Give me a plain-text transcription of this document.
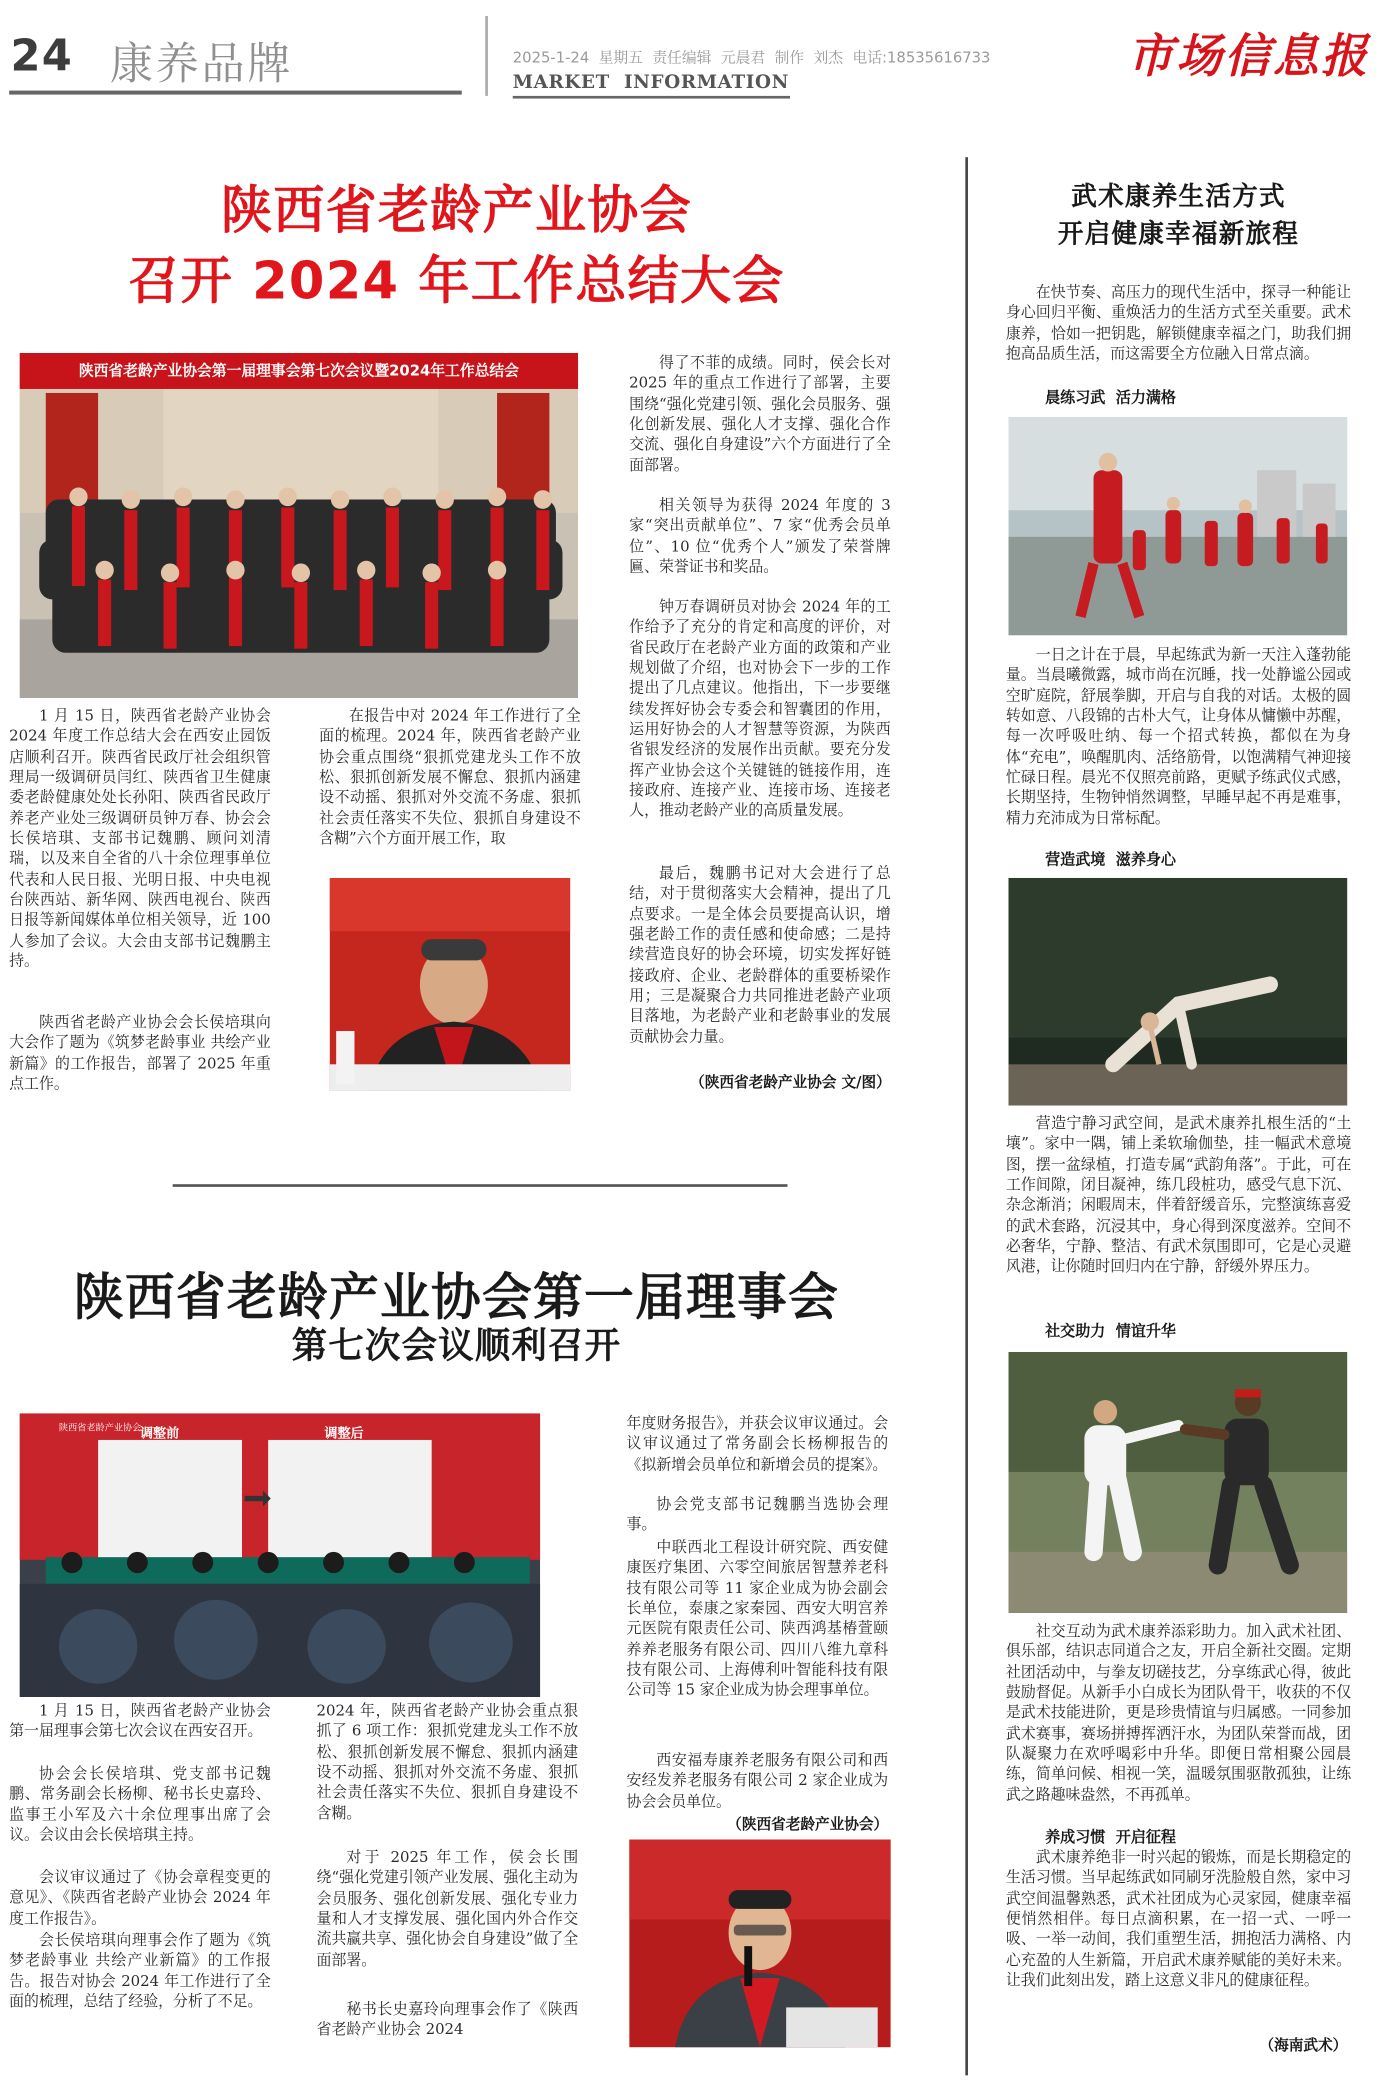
24 康养品牌	2025-1-24  星期五  责任编辑  元晨君  制作  刘杰  电话:18535616733
MARKET  INFORMATION	市场信息报
陕西省老龄产业协会
召开 2024 年工作总结大会
陕西省老龄产业协会第一届理事会第七次会议暨2024年工作总结会
1 月 15 日，陕西省老龄产业协会 2024 年度工作总结大会在西安止园饭店顺利召开。陕西省民政厅社会组织管理局一级调研员闫红、陕西省卫生健康委老龄健康处处长孙阳、陕西省民政厅养老产业处三级调研员钟万春、协会会长侯培琪、支部书记魏鹏、顾问刘清瑞，以及来自全省的八十余位理事单位代表和人民日报、光明日报、中央电视台陕西站、新华网、陕西电视台、陕西日报等新闻媒体单位相关领导，近 100 人参加了会议。大会由支部书记魏鹏主持。
陕西省老龄产业协会会长侯培琪向大会作了题为《筑梦老龄事业 共绘产业新篇》的工作报告，部署了 2025 年重点工作。
在报告中对 2024 年工作进行了全面的梳理。2024 年，陕西省老龄产业协会重点围绕“狠抓党建龙头工作不放松、狠抓创新发展不懈怠、狠抓内涵建设不动摇、狠抓对外交流不务虚、狠抓社会责任落实不失位、狠抓自身建设不含糊”六个方面开展工作，取
得了不菲的成绩。同时，侯会长对 2025 年的重点工作进行了部署，主要围绕“强化党建引领、强化会员服务、强化创新发展、强化人才支撑、强化合作交流、强化自身建设”六个方面进行了全面部署。
相关领导为获得 2024 年度的 3 家“突出贡献单位”、7 家“优秀会员单位”、10 位“优秀个人”颁发了荣誉牌匾、荣誉证书和奖品。
钟万春调研员对协会 2024 年的工作给予了充分的肯定和高度的评价，对省民政厅在老龄产业方面的政策和产业规划做了介绍，也对协会下一步的工作提出了几点建议。他指出，下一步要继续发挥好协会专委会和智囊团的作用，运用好协会的人才智慧等资源，为陕西省银发经济的发展作出贡献。要充分发挥产业协会这个关键链的链接作用，连接政府、连接产业、连接市场、连接老人，推动老龄产业的高质量发展。
最后，魏鹏书记对大会进行了总结，对于贯彻落实大会精神，提出了几点要求。一是全体会员要提高认识，增强老龄工作的责任感和使命感；二是持续营造良好的协会环境，切实发挥好链接政府、企业、老龄群体的重要桥梁作用；三是凝聚合力共同推进老龄产业项目落地，为老龄产业和老龄事业的发展贡献协会力量。
（陕西省老龄产业协会 文/图）
陕西省老龄产业协会第一届理事会
第七次会议顺利召开
陕西省老龄产业协会
调整前	调整后
1 月 15 日，陕西省老龄产业协会第一届理事会第七次会议在西安召开。
协会会长侯培琪、党支部书记魏鹏、常务副会长杨柳、秘书长史嘉玲、监事王小军及六十余位理事出席了会议。会议由会长侯培琪主持。
会议审议通过了《协会章程变更的意见》、《陕西省老龄产业协会 2024 年度工作报告》。
会长侯培琪向理事会作了题为《筑梦老龄事业 共绘产业新篇》的工作报告。报告对协会 2024 年工作进行了全面的梳理，总结了经验，分析了不足。
2024 年，陕西省老龄产业协会重点狠抓了 6 项工作：狠抓党建龙头工作不放松、狠抓创新发展不懈怠、狠抓内涵建设不动摇、狠抓对外交流不务虚、狠抓社会责任落实不失位、狠抓自身建设不含糊。
对于 2025 年工作，侯会长围绕“强化党建引领产业发展、强化主动为会员服务、强化创新发展、强化专业力量和人才支撑发展、强化国内外合作交流共赢共享、强化协会自身建设”做了全面部署。
秘书长史嘉玲向理事会作了《陕西省老龄产业协会 2024
年度财务报告》，并获会议审议通过。会议审议通过了常务副会长杨柳报告的《拟新增会员单位和新增会员的提案》。
协会党支部书记魏鹏当选协会理事。
中联西北工程设计研究院、西安健康医疗集团、六零空间旅居智慧养老科技有限公司等 11 家企业成为协会副会长单位，泰康之家秦园、西安大明宫养元医院有限责任公司、陕西鸿基椿萱颐养养老服务有限公司、四川八维九章科技有限公司、上海傅利叶智能科技有限公司等 15 家企业成为协会理事单位。
西安福寿康养老服务有限公司和西安经发养老服务有限公司 2 家企业成为协会会员单位。
（陕西省老龄产业协会）
武术康养生活方式
开启健康幸福新旅程
在快节奏、高压力的现代生活中，探寻一种能让身心回归平衡、重焕活力的生活方式至关重要。武术康养，恰如一把钥匙，解锁健康幸福之门，助我们拥抱高品质生活，而这需要全方位融入日常点滴。
晨练习武  活力满格
一日之计在于晨，早起练武为新一天注入蓬勃能量。当晨曦微露，城市尚在沉睡，找一处静谧公园或空旷庭院，舒展拳脚，开启与自我的对话。太极的圆转如意、八段锦的古朴大气，让身体从慵懒中苏醒，每一次呼吸吐纳、每一个招式转换，都似在为身体“充电”，唤醒肌肉、活络筋骨，以饱满精气神迎接忙碌日程。晨光不仅照亮前路，更赋予练武仪式感，长期坚持，生物钟悄然调整，早睡早起不再是难事，精力充沛成为日常标配。
营造武境  滋养身心
营造宁静习武空间，是武术康养扎根生活的“土壤”。家中一隅，铺上柔软瑜伽垫，挂一幅武术意境图，摆一盆绿植，打造专属“武韵角落”。于此，可在工作间隙，闭目凝神，练几段桩功，感受气息下沉、杂念渐消；闲暇周末，伴着舒缓音乐，完整演练喜爱的武术套路，沉浸其中，身心得到深度滋养。空间不必奢华，宁静、整洁、有武术氛围即可，它是心灵避风港，让你随时回归内在宁静，舒缓外界压力。
社交助力  情谊升华
社交互动为武术康养添彩助力。加入武术社团、俱乐部，结识志同道合之友，开启全新社交圈。定期社团活动中，与拳友切磋技艺，分享练武心得，彼此鼓励督促。从新手小白成长为团队骨干，收获的不仅是武术技能进阶，更是珍贵情谊与归属感。一同参加武术赛事，赛场拼搏挥洒汗水，为团队荣誉而战，团队凝聚力在欢呼喝彩中升华。即便日常相聚公园晨练，简单问候、相视一笑，温暖氛围驱散孤独，让练武之路趣味盎然，不再孤单。
养成习惯  开启征程
武术康养绝非一时兴起的锻炼，而是长期稳定的生活习惯。当早起练武如同刷牙洗脸般自然，家中习武空间温馨熟悉，武术社团成为心灵家园，健康幸福便悄然相伴。每日点滴积累，在一招一式、一呼一吸、一举一动间，我们重塑生活，拥抱活力满格、内心充盈的人生新篇，开启武术康养赋能的美好未来。让我们此刻出发，踏上这意义非凡的健康征程。
（海南武术）
